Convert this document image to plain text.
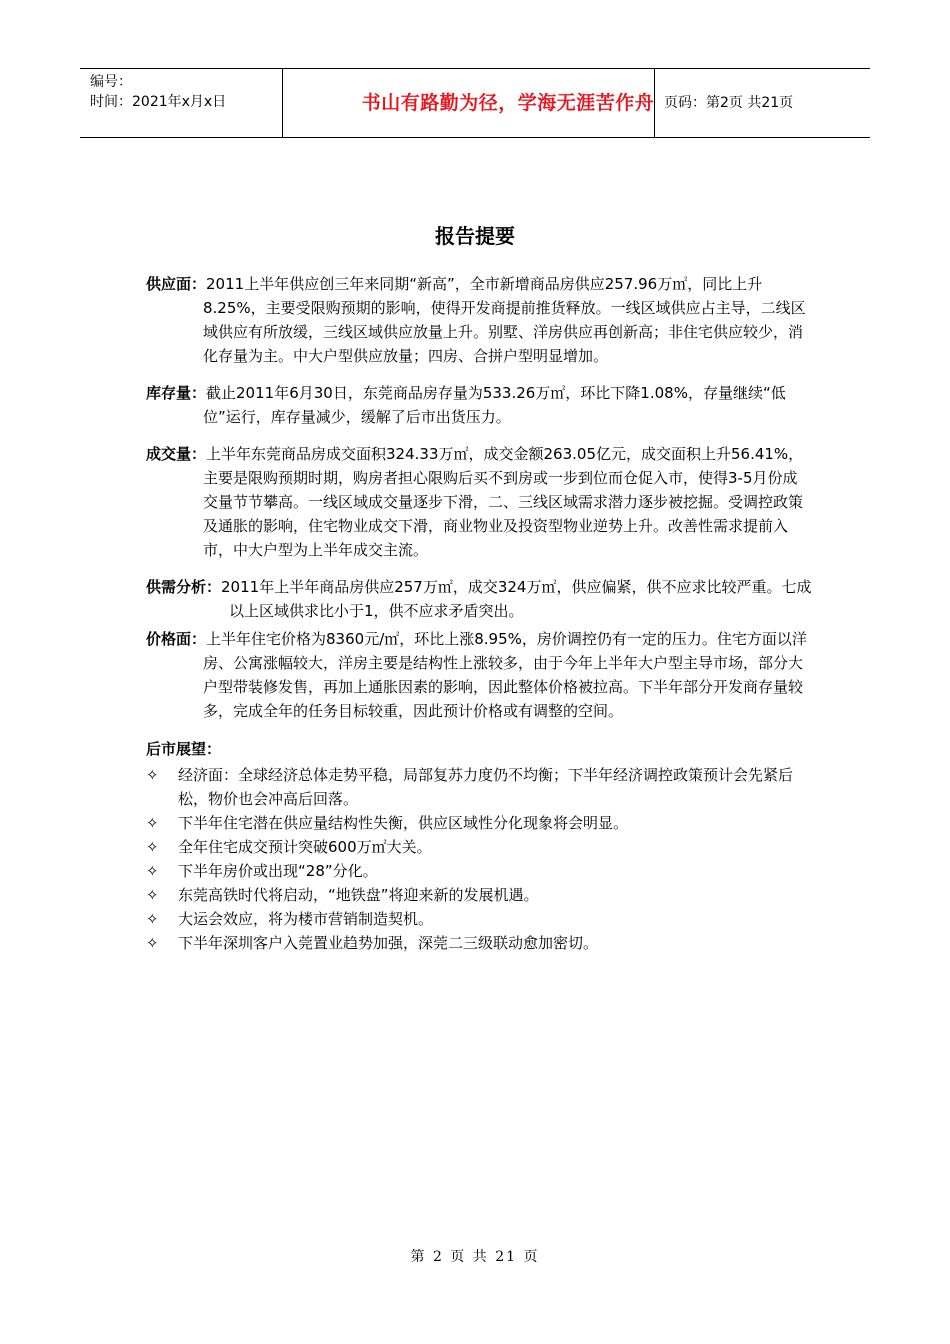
编号：
时间：2021年x月x日	书山有路勤为径，学海无涯苦作舟 页码：第2页 共21页
报告提要
供应面：2011上半年供应创三年来同期“新高”，全市新增商品房供应257.96万㎡，同比上升8.25%，主要受限购预期的影响，使得开发商提前推货释放。一线区域供应占主导，二线区域供应有所放缓，三线区域供应放量上升。别墅、洋房供应再创新高；非住宅供应较少，消化存量为主。中大户型供应放量；四房、合拼户型明显增加。
库存量：截止2011年6月30日，东莞商品房存量为533.26万㎡，环比下降1.08%，存量继续“低位”运行，库存量减少，缓解了后市出货压力。
成交量：上半年东莞商品房成交面积324.33万㎡，成交金额263.05亿元，成交面积上升56.41%，主要是限购预期时期，购房者担心限购后买不到房或一步到位而仓促入市，使得3-5月份成交量节节攀高。一线区域成交量逐步下滑，二、三线区域需求潜力逐步被挖掘。受调控政策及通胀的影响，住宅物业成交下滑，商业物业及投资型物业逆势上升。改善性需求提前入市，中大户型为上半年成交主流。
供需分析：2011年上半年商品房供应257万㎡，成交324万㎡，供应偏紧，供不应求比较严重。七成以上区域供求比小于1，供不应求矛盾突出。
价格面：上半年住宅价格为8360元/㎡，环比上涨8.95%，房价调控仍有一定的压力。住宅方面以洋房、公寓涨幅较大，洋房主要是结构性上涨较多，由于今年上半年大户型主导市场，部分大户型带装修发售，再加上通胀因素的影响，因此整体价格被拉高。下半年部分开发商存量较多，完成全年的任务目标较重，因此预计价格或有调整的空间。
后市展望：
✧ 经济面：全球经济总体走势平稳，局部复苏力度仍不均衡；下半年经济调控政策预计会先紧后松，物价也会冲高后回落。
✧ 下半年住宅潜在供应量结构性失衡，供应区域性分化现象将会明显。
✧ 全年住宅成交预计突破600万㎡大关。
✧ 下半年房价或出现“28”分化。
✧ 东莞高铁时代将启动，“地铁盘”将迎来新的发展机遇。
✧ 大运会效应，将为楼市营销制造契机。
✧ 下半年深圳客户入莞置业趋势加强，深莞二三级联动愈加密切。
第 2 页 共 21 页
